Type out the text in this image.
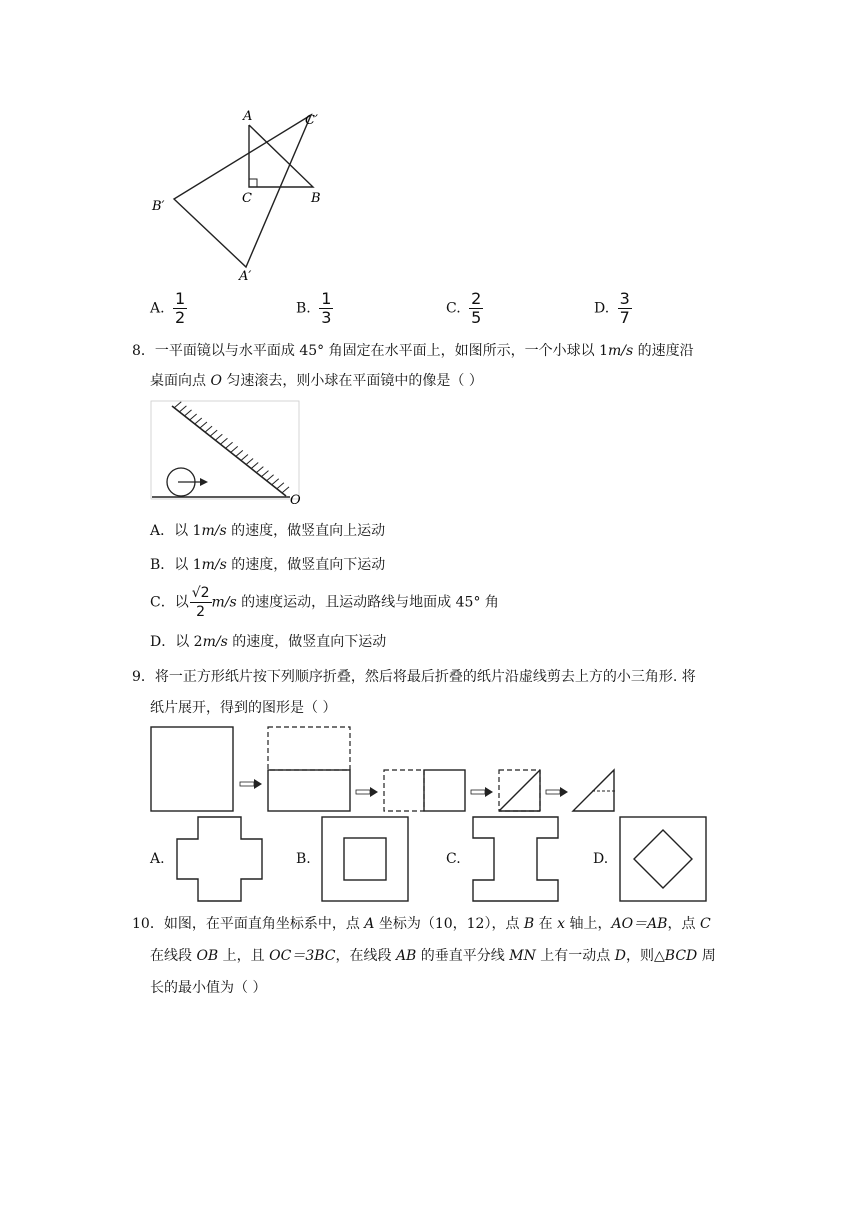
A	C′
C	B
B′
A′
A. $\frac{1}{2}$	B. $\frac{1}{3}$	C. $\frac{2}{5}$	D. $\frac{3}{7}$
8．一平面镜以与水平面成 45° 角固定在水平面上，如图所示，一个小球以 1m/s 的速度沿
桌面向点 O 匀速滚去，则小球在平面镜中的像是（ ）
O
A．以 1m/s 的速度，做竖直向上运动
B．以 1m/s 的速度，做竖直向下运动
C．以 $\frac{√2}{2} m/s$ 的速度运动，且运动路线与地面成 45° 角
D．以 2m/s 的速度，做竖直向下运动
9．将一正方形纸片按下列顺序折叠，然后将最后折叠的纸片沿虚线剪去上方的小三角形. 将
纸片展开，得到的图形是（ ）
A.	B.	C.	D.
10．如图，在平面直角坐标系中，点 A 坐标为（10，12），点 B 在 x 轴上，AO＝AB，点 C
在线段 OB 上，且 OC＝3BC，在线段 AB 的垂直平分线 MN 上有一动点 D，则△BCD 周
长的最小值为（ ）
